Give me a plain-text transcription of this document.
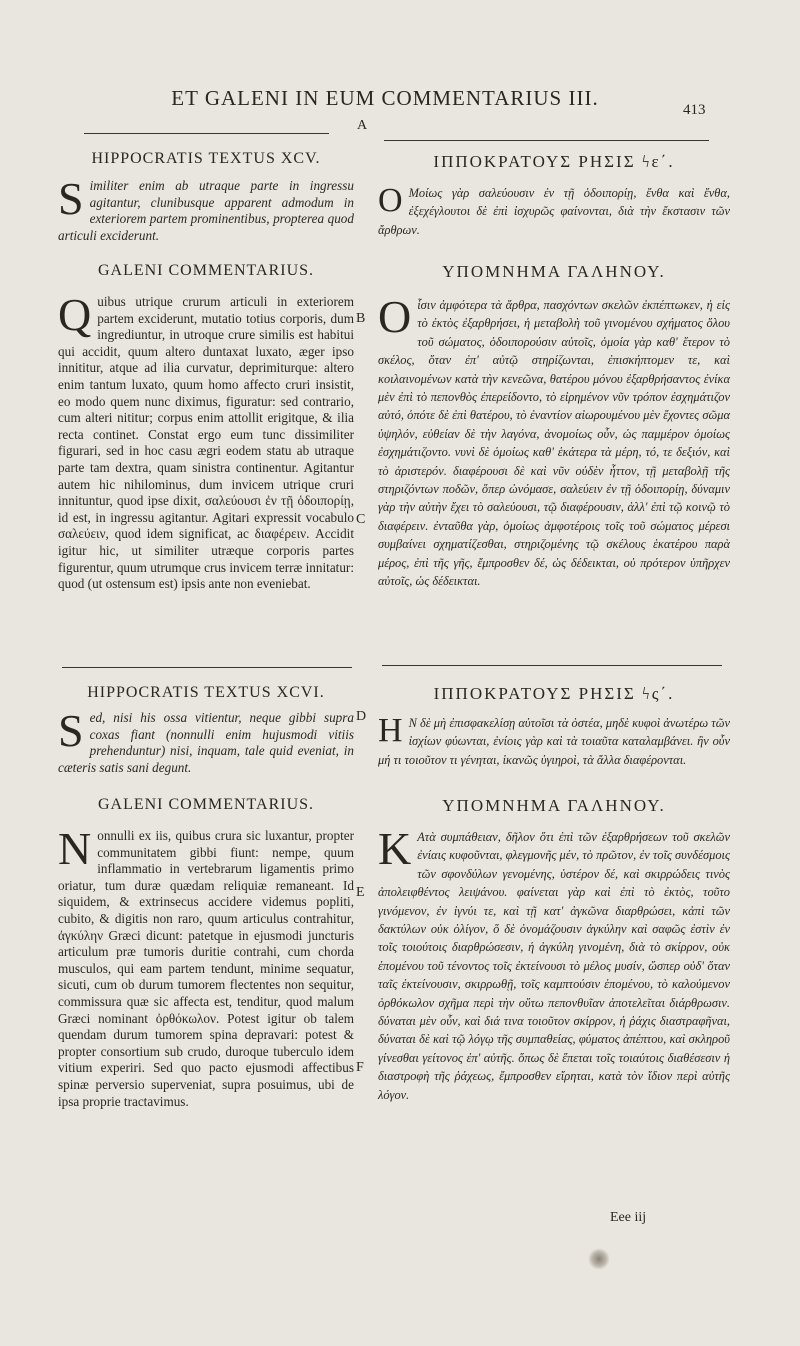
ET GALENI IN EUM COMMENTARIUS III.	413
A
B
C
D
E
F
HIPPOCRATIS TEXTUS XCV.
Similiter enim ab utraque parte in ingressu agitantur, clunibusque apparent admodum in exteriorem partem prominentibus, propterea quod articuli exciderunt.
GALENI COMMENTARIUS.
Quibus utrique crurum articuli in exteriorem partem exciderunt, mutatio totius corporis, dum ingrediuntur, in utroque crure similis est habitui qui accidit, quum altero duntaxat luxato, æger ipso innititur, atque ad ilia curvatur, deprimiturque: altero enim tantum luxato, quum homo affecto cruri insistit, eo modo quem nunc diximus, figuratur: sed contrario, cum alteri nititur; corpus enim attollit erigitque, & ilia recta continet. Constat ergo eum tunc dissimiliter figurari, sed in hoc casu ægri eodem statu ab utraque parte tam dextra, quam sinistra continentur. Agitantur autem hic nihilominus, dum invicem utrique cruri innituntur, quod ipse dixit, σαλεύουσι ἐν τῇ ὁδοιπορίῃ, id est, in ingressu agitantur. Agitari expressit vocabulo σαλεύειν, quod idem significat, ac διαφέρειν. Accidit igitur hic, ut similiter utræque corporis partes figurentur, quum utrumque crus invicem terræ innitatur: quod (ut ostensum est) ipsis ante non eveniebat.
HIPPOCRATIS TEXTUS XCVI.
Sed, nisi his ossa vitientur, neque gibbi supra coxas fiant (nonnulli enim hujusmodi vitiis prehenduntur) nisi, inquam, tale quid eveniat, in cæteris satis sani degunt.
GALENI COMMENTARIUS.
Nonnulli ex iis, quibus crura sic luxantur, propter communitatem gibbi fiunt: nempe, quum inflammatio in vertebrarum ligamentis primo oriatur, tum duræ quædam reliquiæ remaneant. Id siquidem, & extrinsecus accidere videmus popliti, cubito, & digitis non raro, quum articulus contrahitur, ἀγκύλην Græci dicunt: patetque in ejusmodi juncturis articulum præ tumoris duritie contrahi, cum chorda musculos, qui eam partem tendunt, minime sequatur, sicuti, cum ob durum tumorem flectentes non sequitur, commissura quæ sic affecta est, tenditur, quod malum Græci nominant ὀρθόκωλον. Potest igitur ob talem quendam durum tumorem spina depravari: potest & propter consortium sub crudo, duroque tuberculo idem vitium experiri. Sed quo pacto ejusmodi affectibus spinæ perversio superveniat, supra posuimus, ubi de ipsa proprie tractavimus.
ΙΠΠΟΚΡΑΤΟΥΣ ΡΗΣΙΣ ϟε΄.
Ο Μοίως γὰρ σαλεύουσιν ἐν τῇ ὁδοιπορίῃ, ἔνθα καὶ ἔνθα, ἐξεχέγλουτοι δὲ ἐπὶ ἰσχυρῶς φαίνονται, διὰ τὴν ἔκστασιν τῶν ἄρθρων.
ΥΠΟΜΝΗΜΑ ΓΑΛΗΝΟΥ.
Οἷσιν ἀμφότερα τὰ ἄρθρα, πασχόντων σκελῶν ἐκπέπτωκεν, ἡ εἰς τὸ ἐκτὸς ἐξαρθρήσει, ἡ μεταβολὴ τοῦ γινομένου σχήματος ὅλου τοῦ σώματος, ὁδοιπορούσιν αὐτοῖς, ὁμοία γὰρ καθ' ἕτερον τὸ σκέλος, ὅταν ἐπ' αὐτῷ στηρίζωνται, ἐπισκήπτομεν τε, καὶ κοιλαινομένων κατὰ τὴν κενεῶνα, θατέρου μόνου ἐξαρθρήσαντος ἐνίκα μὲν ἐπὶ τὸ πεπονθὸς ἐπερείδοντο, τὸ εἰρημένον νῦν τρόπον ἐσχημάτιζον αὐτό, ὁπότε δὲ ἐπὶ θατέρου, τὸ ἐναντίον αἰωρουμένου μὲν ἔχοντες σῶμα ὑψηλόν, εὐθείαν δὲ τὴν λαγόνα, ἀνομοίως οὖν, ὡς παμμέρον ὁμοίως ἐσχημάτιζοντο. νυνὶ δὲ ὁμοίως καθ' ἑκάτερα τὰ μέρη, τό, τε δεξιόν, καὶ τὸ ἀριστερόν. διαφέρουσι δὲ καὶ νῦν οὐδὲν ἧττον, τῇ μεταβολῇ τῆς στηριζόντων ποδῶν, ὅπερ ὠνόμασε, σαλεύειν ἐν τῇ ὁδοιπορίῃ, δύναμιν γὰρ τὴν αὐτὴν ἔχει τὸ σαλεύουσι, τῷ διαφέρουσιν, ἀλλ' ἐπὶ τῷ κοινῷ τὸ διαφέρειν. ἐνταῦθα γὰρ, ὁμοίως ἀμφοτέροις τοῖς τοῦ σώματος μέρεσι συμβαίνει σχηματίζεσθαι, στηριζομένης τῷ σκέλους ἑκατέρου παρὰ μέρος, ἐπὶ τῆς γῆς, ἔμπροσθεν δέ, ὡς δέδεικται, οὐ πρότερον ὑπῆρχεν αὐτοῖς, ὡς δέδεικται.
ΙΠΠΟΚΡΑΤΟΥΣ ΡΗΣΙΣ ϟς΄.
Η Ν δὲ μὴ ἐπισφακελίσῃ αὐτοῖσι τὰ ὀστέα, μηδὲ κυφοὶ ἀνωτέρω τῶν ἰσχίων φύωνται, ἐνίοις γὰρ καὶ τὰ τοιαῦτα καταλαμβάνει. ἢν οὖν μή τι τοιοῦτον τι γένηται, ἱκανῶς ὑγιηροὶ, τὰ ἄλλα διαφέρονται.
ΥΠΟΜΝΗΜΑ ΓΑΛΗΝΟΥ.
Κ Ατὰ συμπάθειαν, δῆλον ὅτι ἐπὶ τῶν ἐξαρθρήσεων τοῦ σκελῶν ἐνίαις κυφοῦνται, φλεγμονῆς μέν, τὸ πρῶτον, ἐν τοῖς συνδέσμοις τῶν σφονδύλων γενομένης, ὑστέρον δέ, καὶ σκιρρώδεις τινὸς ἀπολειφθέντος λειψάνου. φαίνεται γὰρ καὶ ἐπὶ τὸ ἐκτὸς, τοῦτο γινόμενον, ἐν ἰγνύι τε, καὶ τῇ κατ' ἀγκῶνα διαρθρώσει, κἀπὶ τῶν δακτύλων οὐκ ὀλίγον, ὅ δὲ ὀνομάζουσιν ἀγκύλην καὶ σαφῶς ἐστὶν ἐν τοῖς τοιούτοις διαρθρώσεσιν, ἡ ἀγκύλη γινομένη, διὰ τὸ σκίρρον, οὐκ ἑπομένου τοῦ τένοντος τοῖς ἐκτείνουσι τὸ μέλος μυσίν, ὥσπερ οὐδ' ὅταν ταῖς ἐκτείνουσιν, σκιρρωθῇ, τοῖς καμπτούσιν ἑπομένου, τὸ καλούμενον ὀρθόκωλον σχῆμα περὶ τὴν οὕτω πεπονθυῖαν ἀποτελεῖται διάρθρωσιν. δύναται μὲν οὖν, καὶ διά τινα τοιοῦτον σκίρρον, ἡ ῥάχις διαστραφῆναι, δύναται δὲ καὶ τῷ λόγῳ τῆς συμπαθείας, φύματος ἀπέπτου, καὶ σκληροῦ γίνεσθαι γείτονος ἐπ' αὐτῆς. ὅπως δὲ ἕπεται τοῖς τοιαύτοις διαθέσεσιν ἡ διαστροφὴ τῆς ῥάχεως, ἔμπροσθεν εἴρηται, κατὰ τὸν ἴδιον περὶ αὐτῆς λόγον.
Eee iij
